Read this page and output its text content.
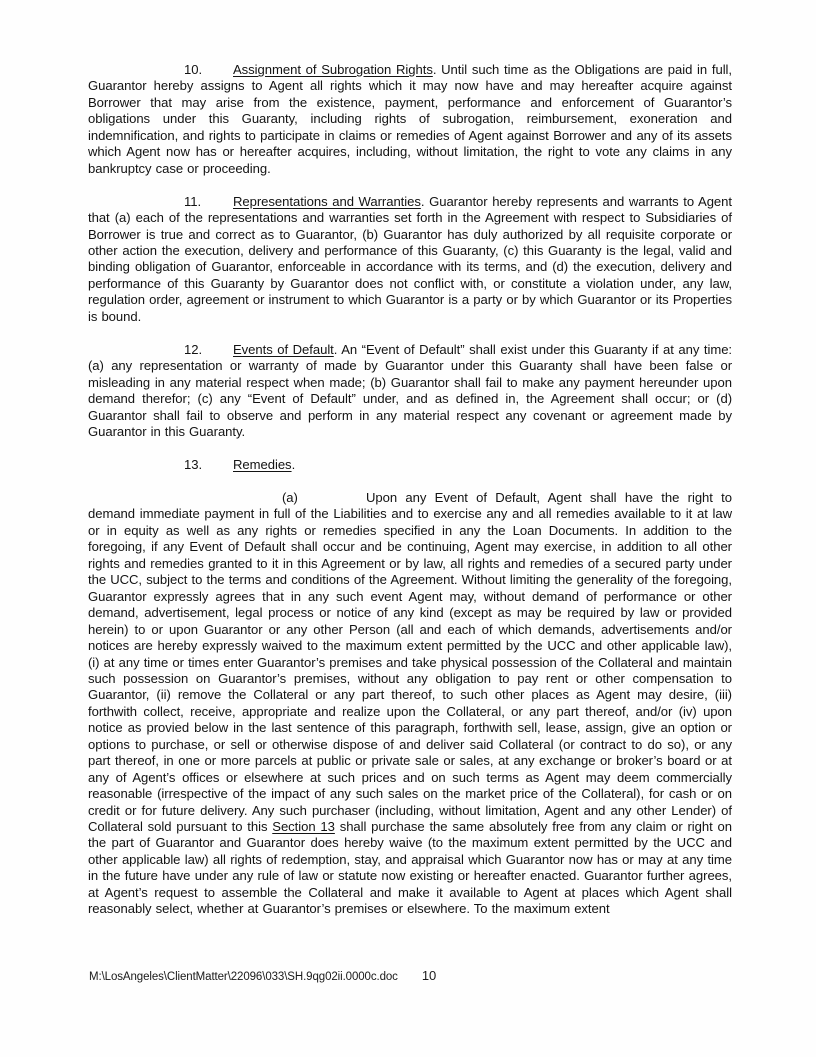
10. Assignment of Subrogation Rights. Until such time as the Obligations are paid in full, Guarantor hereby assigns to Agent all rights which it may now have and may hereafter acquire against Borrower that may arise from the existence, payment, performance and enforcement of Guarantor’s obligations under this Guaranty, including rights of subrogation, reimbursement, exoneration and indemnification, and rights to participate in claims or remedies of Agent against Borrower and any of its assets which Agent now has or hereafter acquires, including, without limitation, the right to vote any claims in any bankruptcy case or proceeding.

11. Representations and Warranties. Guarantor hereby represents and warrants to Agent that (a) each of the representations and warranties set forth in the Agreement with respect to Subsidiaries of Borrower is true and correct as to Guarantor, (b) Guarantor has duly authorized by all requisite corporate or other action the execution, delivery and performance of this Guaranty, (c) this Guaranty is the legal, valid and binding obligation of Guarantor, enforceable in accordance with its terms, and (d) the execution, delivery and performance of this Guaranty by Guarantor does not conflict with, or constitute a violation under, any law, regulation order, agreement or instrument to which Guarantor is a party or by which Guarantor or its Properties is bound.

12. Events of Default. An “Event of Default” shall exist under this Guaranty if at any time: (a) any representation or warranty of made by Guarantor under this Guaranty shall have been false or misleading in any material respect when made; (b) Guarantor shall fail to make any payment hereunder upon demand therefor; (c) any “Event of Default” under, and as defined in, the Agreement shall occur; or (d) Guarantor shall fail to observe and perform in any material respect any covenant or agreement made by Guarantor in this Guaranty.

13. Remedies.

(a)	Upon any Event of Default, Agent shall have the right to demand immediate payment in full of the Liabilities and to exercise any and all remedies available to it at law or in equity as well as any rights or remedies specified in any the Loan Documents. In addition to the foregoing, if any Event of Default shall occur and be continuing, Agent may exercise, in addition to all other rights and remedies granted to it in this Agreement or by law, all rights and remedies of a secured party under the UCC, subject to the terms and conditions of the Agreement. Without limiting the generality of the foregoing, Guarantor expressly agrees that in any such event Agent may, without demand of performance or other demand, advertisement, legal process or notice of any kind (except as may be required by law or provided herein) to or upon Guarantor or any other Person (all and each of which demands, advertisements and/or notices are hereby expressly waived to the maximum extent permitted by the UCC and other applicable law), (i) at any time or times enter Guarantor’s premises and take physical possession of the Collateral and maintain such possession on Guarantor’s premises, without any obligation to pay rent or other compensation to Guarantor, (ii) remove the Collateral or any part thereof, to such other places as Agent may desire, (iii) forthwith collect, receive, appropriate and realize upon the Collateral, or any part thereof, and/or (iv) upon notice as provied below in the last sentence of this paragraph, forthwith sell, lease, assign, give an option or options to purchase, or sell or otherwise dispose of and deliver said Collateral (or contract to do so), or any part thereof, in one or more parcels at public or private sale or sales, at any exchange or broker’s board or at any of Agent’s offices or elsewhere at such prices and on such terms as Agent may deem commercially reasonable (irrespective of the impact of any such sales on the market price of the Collateral), for cash or on credit or for future delivery. Any such purchaser (including, without limitation, Agent and any other Lender) of Collateral sold pursuant to this Section 13 shall purchase the same absolutely free from any claim or right on the part of Guarantor and Guarantor does hereby waive (to the maximum extent permitted by the UCC and other applicable law) all rights of redemption, stay, and appraisal which Guarantor now has or may at any time in the future have under any rule of law or statute now existing or hereafter enacted. Guarantor further agrees, at Agent’s request to assemble the Collateral and make it available to Agent at places which Agent shall reasonably select, whether at Guarantor’s premises or elsewhere. To the maximum extent

M:\LosAngeles\ClientMatter\22096\033\SH.9qg02ii.0000c.doc 10
